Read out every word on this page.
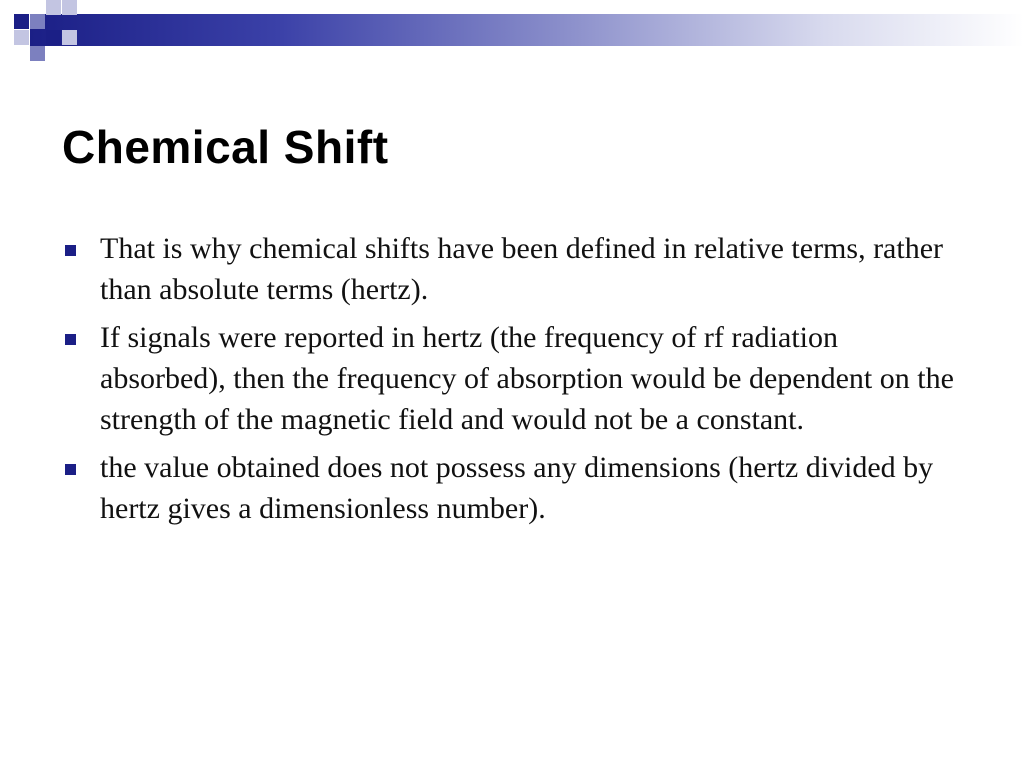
Chemical Shift
That is why chemical shifts have been defined in relative terms, rather than absolute terms (hertz).
If signals were reported in hertz (the frequency of rf radiation absorbed), then the frequency of absorption would be dependent on the strength of the magnetic field and would not be a constant.
the value obtained does not possess any dimensions (hertz divided by hertz gives a dimensionless number).
